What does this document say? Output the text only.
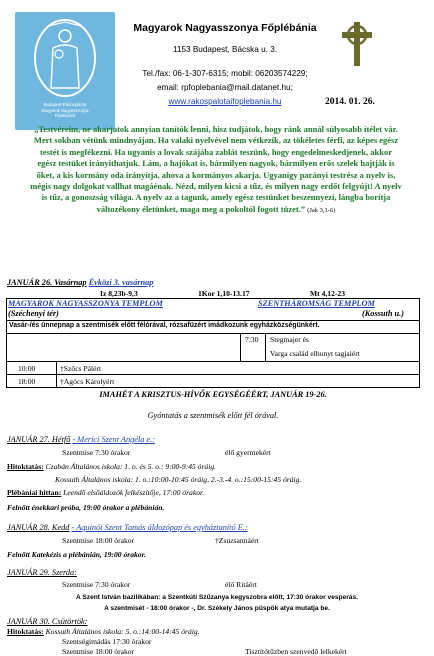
Budapest-Rákospalota
Magyarok Nagyasszonya
Főplébánia
Magyarok Nagyasszonya Főplébánia
1153 Budapest, Bácska u. 3.
Tel./fax: 06-1-307-6315; mobil: 06203574229;
email: rpfoplebania@mail.datanet.hu;
www.rakospalotaifoplebania.hu	2014. 01. 26.
„Testvéreim, ne akarjatok annyian tanítók lenni, hisz tudjátok, hogy ránk annál súlyosabb ítélet vár. Mert sokban vétünk mindnyájan. Ha valaki nyelvével nem vétkezik, az tökéletes férfi, az képes egész testét is megfékezni. Ha ugyanis a lovak szájába zablát teszünk, hogy engedelmeskedjenek, akkor egész testüket irányíthatjuk. Lám, a hajókat is, bármilyen nagyok, bármilyen erős szelek hajtják is őket, a kis kormány oda irányítja, ahova a kormányos akarja. Ugyanígy parányi testrész a nyelv is, mégis nagy dolgokat vallhat magáénak. Nézd, milyen kicsi a tűz, és milyen nagy erdőt felgyújt! A nyelv is tűz, a gonoszság világa. A nyelv az a tagunk, amely egész testünket beszennyezi, lángba borítja változékony életünket, maga meg a pokoltól fogott tüzet.” (Jak 3,1-6)
JANUÁR 26. Vasárnap Évközi 3. vasárnap
Iz 8,23b-9,3	1Kor 1,10-13.17	Mt 4,12-23
MAGYAROK NAGYASSZONYA TEMPLOM
(Széchenyi tér)
SZENTHÁROMSÁG TEMPLOM
(Kossuth u.)
Vasár-/és ünnepnap a szentmisék előtt félórával, rózsafüzért imádkozunk egyházközségünkért.
7:30 Stegmajer és
Varga család elhunyt tagjaiért
10:00	†Szőcs Pálért
18:00	†Agócs Károlyért
IMAHÉT A KRISZTUS-HÍVŐK EGYSÉGÉÉRT, JANUÁR 19-26.
Gyóntatás a szentmisék előtt fél órával.
JANUÁR 27. Hétfő - Merici Szent Angéla e.:
Szentmise 7:30 órakor	élő gyermekért
Hitoktatás: Czabán Általános iskola: 1. o. és 5. o.: 9:00-9:45 óráig.
Kossuth Általános iskola: 1. o.:10:00-10:45 óráig, 2.-3.-4. o.:15:00-15:45 óráig.
Plébániai hittan: Leendő elsőáldozók felkészítője, 17:00 órakor.
Felnőtt énekkari próba, 19:00 órakor a plébánián.
JANUÁR 28. Kedd - Aquinói Szent Tamás áldozópap és egyháztanító E.:
Szentmise 18:00 órakor	†Zsuzsannáért
Felnőtt Katekézis a plébánián, 19:00 órakor.
JANUÁR 29. Szerda:
Szentmise 7:30 órakor	élő Ritáért
A Szent István bazilikában: a Szentkúti Szűzanya kegyszobra előtt, 17:30 órakor vesperás.
A szentmisét - 18:00 órakor -, Dr. Székely János püspök atya mutatja be.
JANUÁR 30. Csütörtök:
Hitoktatás: Kossuth Általános iskola: 5. o.:14:00-14:45 óráig.
Szentségimádás 17:30 órakor
Szentmise 18:00 órakor	Tisztítótűzben szenvedő lelkekért
